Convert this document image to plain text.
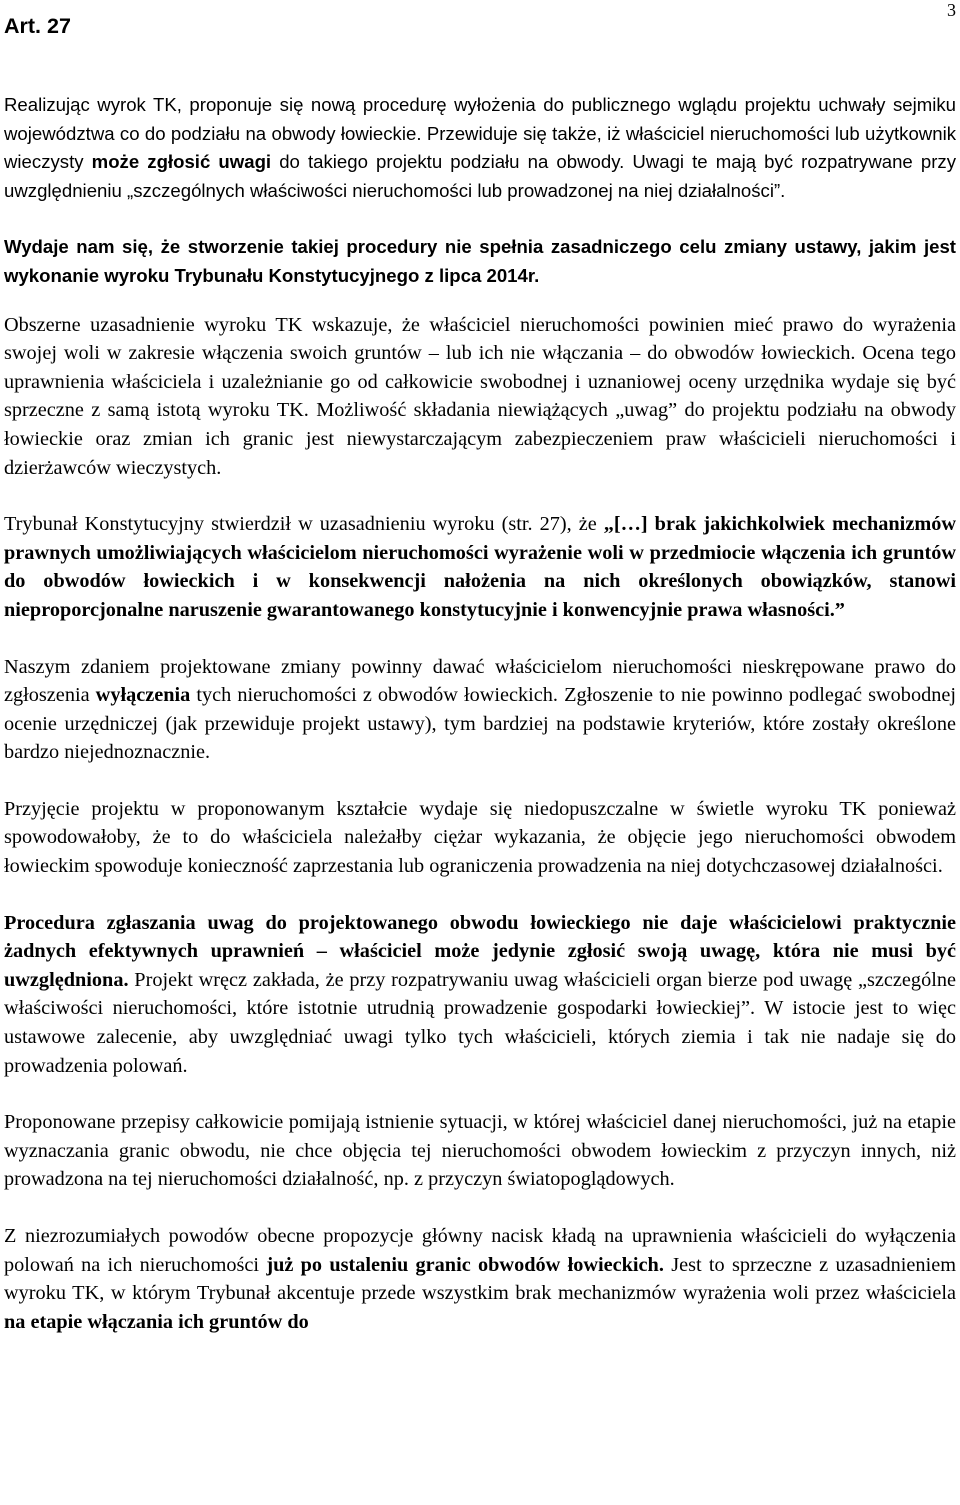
3
Art. 27

Realizując wyrok TK, proponuje się nową procedurę wyłożenia do publicznego wglądu projektu uchwały sejmiku województwa co do podziału na obwody łowieckie. Przewiduje się także, iż właściciel nieruchomości lub użytkownik wieczysty może zgłosić uwagi do takiego projektu podziału na obwody. Uwagi te mają być rozpatrywane przy uwzględnieniu „szczególnych właściwości nieruchomości lub prowadzonej na niej działalności”.

Wydaje nam się, że stworzenie takiej procedury nie spełnia zasadniczego celu zmiany ustawy, jakim jest wykonanie wyroku Trybunału Konstytucyjnego z lipca 2014r.

Obszerne uzasadnienie wyroku TK wskazuje, że właściciel nieruchomości powinien mieć prawo do wyrażenia swojej woli w zakresie włączenia swoich gruntów – lub ich nie włączania – do obwodów łowieckich. Ocena tego uprawnienia właściciela i uzależnianie go od całkowicie swobodnej i uznaniowej oceny urzędnika wydaje się być sprzeczne z samą istotą wyroku TK. Możliwość składania niewiążących „uwag” do projektu podziału na obwody łowieckie oraz zmian ich granic jest niewystarczającym zabezpieczeniem praw właścicieli nieruchomości i dzierżawców wieczystych.

Trybunał Konstytucyjny stwierdził w uzasadnieniu wyroku (str. 27), że „[…] brak jakichkolwiek mechanizmów prawnych umożliwiających właścicielom nieruchomości wyrażenie woli w przedmiocie włączenia ich gruntów do obwodów łowieckich i w konsekwencji nałożenia na nich określonych obowiązków, stanowi nieproporcjonalne naruszenie gwarantowanego konstytucyjnie i konwencyjnie prawa własności.”

Naszym zdaniem projektowane zmiany powinny dawać właścicielom nieruchomości nieskrępowane prawo do zgłoszenia wyłączenia tych nieruchomości z obwodów łowieckich. Zgłoszenie to nie powinno podlegać swobodnej ocenie urzędniczej (jak przewiduje projekt ustawy), tym bardziej na podstawie kryteriów, które zostały określone bardzo niejednoznacznie.

Przyjęcie projektu w proponowanym kształcie wydaje się niedopuszczalne w świetle wyroku TK ponieważ spowodowałoby, że to do właściciela należałby ciężar wykazania, że objęcie jego nieruchomości obwodem łowieckim spowoduje konieczność zaprzestania lub ograniczenia prowadzenia na niej dotychczasowej działalności.

Procedura zgłaszania uwag do projektowanego obwodu łowieckiego nie daje właścicielowi praktycznie żadnych efektywnych uprawnień – właściciel może jedynie zgłosić swoją uwagę, która nie musi być uwzględniona. Projekt wręcz zakłada, że przy rozpatrywaniu uwag właścicieli organ bierze pod uwagę „szczególne właściwości nieruchomości, które istotnie utrudnią prowadzenie gospodarki łowieckiej”. W istocie jest to więc ustawowe zalecenie, aby uwzględniać uwagi tylko tych właścicieli, których ziemia i tak nie nadaje się do prowadzenia polowań.

Proponowane przepisy całkowicie pomijają istnienie sytuacji, w której właściciel danej nieruchomości, już na etapie wyznaczania granic obwodu, nie chce objęcia tej nieruchomości obwodem łowieckim z przyczyn innych, niż prowadzona na tej nieruchomości działalność, np. z przyczyn światopoglądowych.

Z niezrozumiałych powodów obecne propozycje główny nacisk kładą na uprawnienia właścicieli do wyłączenia polowań na ich nieruchomości już po ustaleniu granic obwodów łowieckich. Jest to sprzeczne z uzasadnieniem wyroku TK, w którym Trybunał akcentuje przede wszystkim brak mechanizmów wyrażenia woli przez właściciela na etapie włączania ich gruntów do
